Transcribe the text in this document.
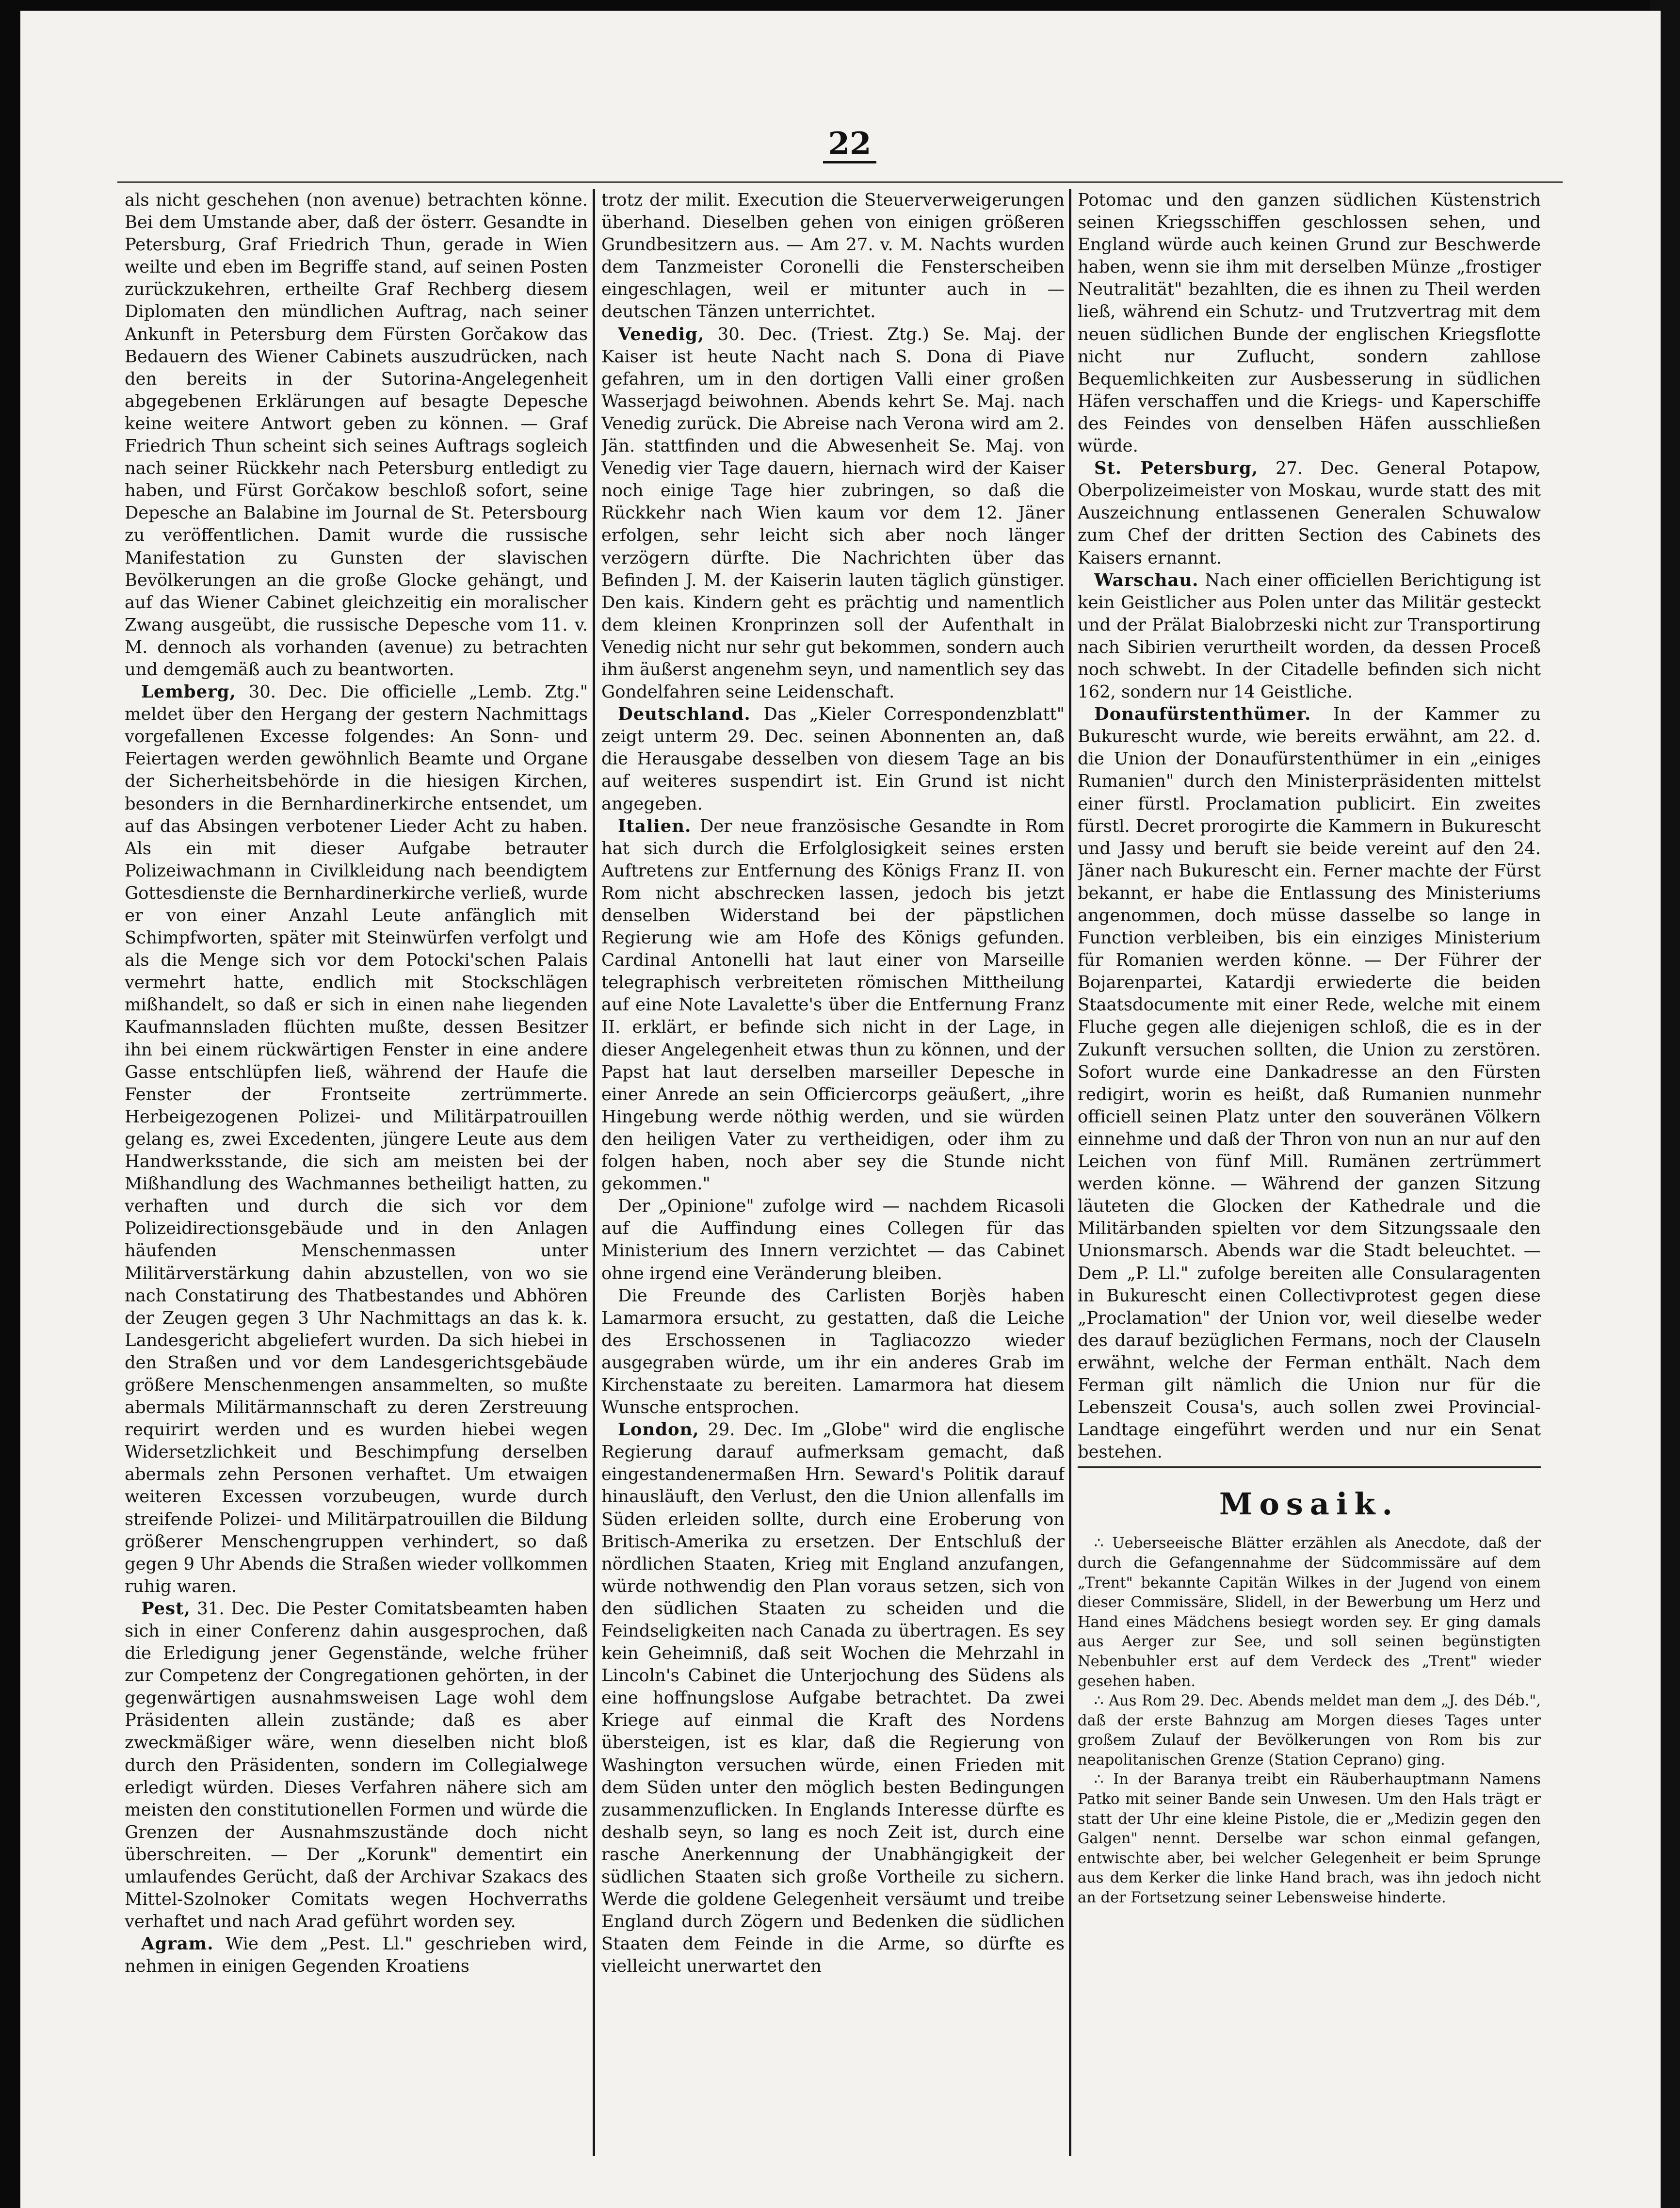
22

als nicht geschehen (non avenue) betrachten könne. Bei dem Umstande aber, daß der österr. Gesandte in Petersburg, Graf Friedrich Thun, gerade in Wien weilte und eben im Begriffe stand, auf seinen Posten zurückzukehren, ertheilte Graf Rechberg diesem Diplomaten den mündlichen Auftrag, nach seiner Ankunft in Petersburg dem Fürsten Gorčakow das Bedauern des Wiener Cabinets auszudrücken, nach den bereits in der Sutorina-Angelegenheit abgegebenen Erklärungen auf besagte Depesche keine weitere Antwort geben zu können. — Graf Friedrich Thun scheint sich seines Auftrags sogleich nach seiner Rückkehr nach Petersburg entledigt zu haben, und Fürst Gorčakow beschloß sofort, seine Depesche an Balabine im Journal de St. Petersbourg zu veröffentlichen. Damit wurde die russische Manifestation zu Gunsten der slavischen Bevölkerungen an die große Glocke gehängt, und auf das Wiener Cabinet gleichzeitig ein moralischer Zwang ausgeübt, die russische Depesche vom 11. v. M. dennoch als vorhanden (avenue) zu betrachten und demgemäß auch zu beantworten.

Lemberg, 30. Dec. Die officielle „Lemb. Ztg." meldet über den Hergang der gestern Nachmittags vorgefallenen Excesse folgendes: An Sonn- und Feiertagen werden gewöhnlich Beamte und Organe der Sicherheitsbehörde in die hiesigen Kirchen, besonders in die Bernhardinerkirche entsendet, um auf das Absingen verbotener Lieder Acht zu haben. Als ein mit dieser Aufgabe betrauter Polizeiwachmann in Civilkleidung nach beendigtem Gottesdienste die Bernhardinerkirche verließ, wurde er von einer Anzahl Leute anfänglich mit Schimpfworten, später mit Steinwürfen verfolgt und als die Menge sich vor dem Potocki'schen Palais vermehrt hatte, endlich mit Stockschlägen mißhandelt, so daß er sich in einen nahe liegenden Kaufmannsladen flüchten mußte, dessen Besitzer ihn bei einem rückwärtigen Fenster in eine andere Gasse entschlüpfen ließ, während der Haufe die Fenster der Frontseite zertrümmerte. Herbeigezogenen Polizei- und Militärpatrouillen gelang es, zwei Excedenten, jüngere Leute aus dem Handwerksstande, die sich am meisten bei der Mißhandlung des Wachmannes betheiligt hatten, zu verhaften und durch die sich vor dem Polizeidirectionsgebäude und in den Anlagen häufenden Menschenmassen unter Militärverstärkung dahin abzustellen, von wo sie nach Constatirung des Thatbestandes und Abhören der Zeugen gegen 3 Uhr Nachmittags an das k. k. Landesgericht abgeliefert wurden. Da sich hiebei in den Straßen und vor dem Landesgerichtsgebäude größere Menschenmengen ansammelten, so mußte abermals Militärmannschaft zu deren Zerstreuung requirirt werden und es wurden hiebei wegen Widersetzlichkeit und Beschimpfung derselben abermals zehn Personen verhaftet. Um etwaigen weiteren Excessen vorzubeugen, wurde durch streifende Polizei- und Militärpatrouillen die Bildung größerer Menschengruppen verhindert, so daß gegen 9 Uhr Abends die Straßen wieder vollkommen ruhig waren.

Pest, 31. Dec. Die Pester Comitatsbeamten haben sich in einer Conferenz dahin ausgesprochen, daß die Erledigung jener Gegenstände, welche früher zur Competenz der Congregationen gehörten, in der gegenwärtigen ausnahmsweisen Lage wohl dem Präsidenten allein zustände; daß es aber zweckmäßiger wäre, wenn dieselben nicht bloß durch den Präsidenten, sondern im Collegialwege erledigt würden. Dieses Verfahren nähere sich am meisten den constitutionellen Formen und würde die Grenzen der Ausnahmszustände doch nicht überschreiten. — Der „Korunk" dementirt ein umlaufendes Gerücht, daß der Archivar Szakacs des Mittel-Szolnoker Comitats wegen Hochverraths verhaftet und nach Arad geführt worden sey.

Agram. Wie dem „Pest. Ll." geschrieben wird, nehmen in einigen Gegenden Kroatiens

trotz der milit. Execution die Steuerverweigerungen überhand. Dieselben gehen von einigen größeren Grundbesitzern aus. — Am 27. v. M. Nachts wurden dem Tanzmeister Coronelli die Fensterscheiben eingeschlagen, weil er mitunter auch in — deutschen Tänzen unterrichtet.

Venedig, 30. Dec. (Triest. Ztg.) Se. Maj. der Kaiser ist heute Nacht nach S. Dona di Piave gefahren, um in den dortigen Valli einer großen Wasserjagd beiwohnen. Abends kehrt Se. Maj. nach Venedig zurück. Die Abreise nach Verona wird am 2. Jän. stattfinden und die Abwesenheit Se. Maj. von Venedig vier Tage dauern, hiernach wird der Kaiser noch einige Tage hier zubringen, so daß die Rückkehr nach Wien kaum vor dem 12. Jäner erfolgen, sehr leicht sich aber noch länger verzögern dürfte. Die Nachrichten über das Befinden J. M. der Kaiserin lauten täglich günstiger. Den kais. Kindern geht es prächtig und namentlich dem kleinen Kronprinzen soll der Aufenthalt in Venedig nicht nur sehr gut bekommen, sondern auch ihm äußerst angenehm seyn, und namentlich sey das Gondelfahren seine Leidenschaft.

Deutschland. Das „Kieler Correspondenzblatt" zeigt unterm 29. Dec. seinen Abonnenten an, daß die Herausgabe desselben von diesem Tage an bis auf weiteres suspendirt ist. Ein Grund ist nicht angegeben.

Italien. Der neue französische Gesandte in Rom hat sich durch die Erfolglosigkeit seines ersten Auftretens zur Entfernung des Königs Franz II. von Rom nicht abschrecken lassen, jedoch bis jetzt denselben Widerstand bei der päpstlichen Regierung wie am Hofe des Königs gefunden. Cardinal Antonelli hat laut einer von Marseille telegraphisch verbreiteten römischen Mittheilung auf eine Note Lavalette's über die Entfernung Franz II. erklärt, er befinde sich nicht in der Lage, in dieser Angelegenheit etwas thun zu können, und der Papst hat laut derselben marseiller Depesche in einer Anrede an sein Officiercorps geäußert, „ihre Hingebung werde nöthig werden, und sie würden den heiligen Vater zu vertheidigen, oder ihm zu folgen haben, noch aber sey die Stunde nicht gekommen."

Der „Opinione" zufolge wird — nachdem Ricasoli auf die Auffindung eines Collegen für das Ministerium des Innern verzichtet — das Cabinet ohne irgend eine Veränderung bleiben.

Die Freunde des Carlisten Borjès haben Lamarmora ersucht, zu gestatten, daß die Leiche des Erschossenen in Tagliacozzo wieder ausgegraben würde, um ihr ein anderes Grab im Kirchenstaate zu bereiten. Lamarmora hat diesem Wunsche entsprochen.

London, 29. Dec. Im „Globe" wird die englische Regierung darauf aufmerksam gemacht, daß eingestandenermaßen Hrn. Seward's Politik darauf hinausläuft, den Verlust, den die Union allenfalls im Süden erleiden sollte, durch eine Eroberung von Britisch-Amerika zu ersetzen. Der Entschluß der nördlichen Staaten, Krieg mit England anzufangen, würde nothwendig den Plan voraus setzen, sich von den südlichen Staaten zu scheiden und die Feindseligkeiten nach Canada zu übertragen. Es sey kein Geheimniß, daß seit Wochen die Mehrzahl in Lincoln's Cabinet die Unterjochung des Südens als eine hoffnungslose Aufgabe betrachtet. Da zwei Kriege auf einmal die Kraft des Nordens übersteigen, ist es klar, daß die Regierung von Washington versuchen würde, einen Frieden mit dem Süden unter den möglich besten Bedingungen zusammenzuflicken. In Englands Interesse dürfte es deshalb seyn, so lang es noch Zeit ist, durch eine rasche Anerkennung der Unabhängigkeit der südlichen Staaten sich große Vortheile zu sichern. Werde die goldene Gelegenheit versäumt und treibe England durch Zögern und Bedenken die südlichen Staaten dem Feinde in die Arme, so dürfte es vielleicht unerwartet den

Potomac und den ganzen südlichen Küstenstrich seinen Kriegsschiffen geschlossen sehen, und England würde auch keinen Grund zur Beschwerde haben, wenn sie ihm mit derselben Münze „frostiger Neutralität" bezahlten, die es ihnen zu Theil werden ließ, während ein Schutz- und Trutzvertrag mit dem neuen südlichen Bunde der englischen Kriegsflotte nicht nur Zuflucht, sondern zahllose Bequemlichkeiten zur Ausbesserung in südlichen Häfen verschaffen und die Kriegs- und Kaperschiffe des Feindes von denselben Häfen ausschließen würde.

St. Petersburg, 27. Dec. General Potapow, Oberpolizeimeister von Moskau, wurde statt des mit Auszeichnung entlassenen Generalen Schuwalow zum Chef der dritten Section des Cabinets des Kaisers ernannt.

Warschau. Nach einer officiellen Berichtigung ist kein Geistlicher aus Polen unter das Militär gesteckt und der Prälat Bialobrzeski nicht zur Transportirung nach Sibirien verurtheilt worden, da dessen Proceß noch schwebt. In der Citadelle befinden sich nicht 162, sondern nur 14 Geistliche.

Donaufürstenthümer. In der Kammer zu Bukurescht wurde, wie bereits erwähnt, am 22. d. die Union der Donaufürstenthümer in ein „einiges Rumanien" durch den Ministerpräsidenten mittelst einer fürstl. Proclamation publicirt. Ein zweites fürstl. Decret prorogirte die Kammern in Bukurescht und Jassy und beruft sie beide vereint auf den 24. Jäner nach Bukurescht ein. Ferner machte der Fürst bekannt, er habe die Entlassung des Ministeriums angenommen, doch müsse dasselbe so lange in Function verbleiben, bis ein einziges Ministerium für Romanien werden könne. — Der Führer der Bojarenpartei, Katardji erwiederte die beiden Staatsdocumente mit einer Rede, welche mit einem Fluche gegen alle diejenigen schloß, die es in der Zukunft versuchen sollten, die Union zu zerstören. Sofort wurde eine Dankadresse an den Fürsten redigirt, worin es heißt, daß Rumanien nunmehr officiell seinen Platz unter den souveränen Völkern einnehme und daß der Thron von nun an nur auf den Leichen von fünf Mill. Rumänen zertrümmert werden könne. — Während der ganzen Sitzung läuteten die Glocken der Kathedrale und die Militärbanden spielten vor dem Sitzungssaale den Unionsmarsch. Abends war die Stadt beleuchtet. — Dem „P. Ll." zufolge bereiten alle Consularagenten in Bukurescht einen Collectivprotest gegen diese „Proclamation" der Union vor, weil dieselbe weder des darauf bezüglichen Fermans, noch der Clauseln erwähnt, welche der Ferman enthält. Nach dem Ferman gilt nämlich die Union nur für die Lebenszeit Cousa's, auch sollen zwei Provincial-Landtage eingeführt werden und nur ein Senat bestehen.

Mosaik.

∴ Ueberseeische Blätter erzählen als Anecdote, daß der durch die Gefangennahme der Südcommissäre auf dem „Trent" bekannte Capitän Wilkes in der Jugend von einem dieser Commissäre, Slidell, in der Bewerbung um Herz und Hand eines Mädchens besiegt worden sey. Er ging damals aus Aerger zur See, und soll seinen begünstigten Nebenbuhler erst auf dem Verdeck des „Trent" wieder gesehen haben.

∴ Aus Rom 29. Dec. Abends meldet man dem „J. des Déb.", daß der erste Bahnzug am Morgen dieses Tages unter großem Zulauf der Bevölkerungen von Rom bis zur neapolitanischen Grenze (Station Ceprano) ging.

∴ In der Baranya treibt ein Räuberhauptmann Namens Patko mit seiner Bande sein Unwesen. Um den Hals trägt er statt der Uhr eine kleine Pistole, die er „Medizin gegen den Galgen" nennt. Derselbe war schon einmal gefangen, entwischte aber, bei welcher Gelegenheit er beim Sprunge aus dem Kerker die linke Hand brach, was ihn jedoch nicht an der Fortsetzung seiner Lebensweise hinderte.
